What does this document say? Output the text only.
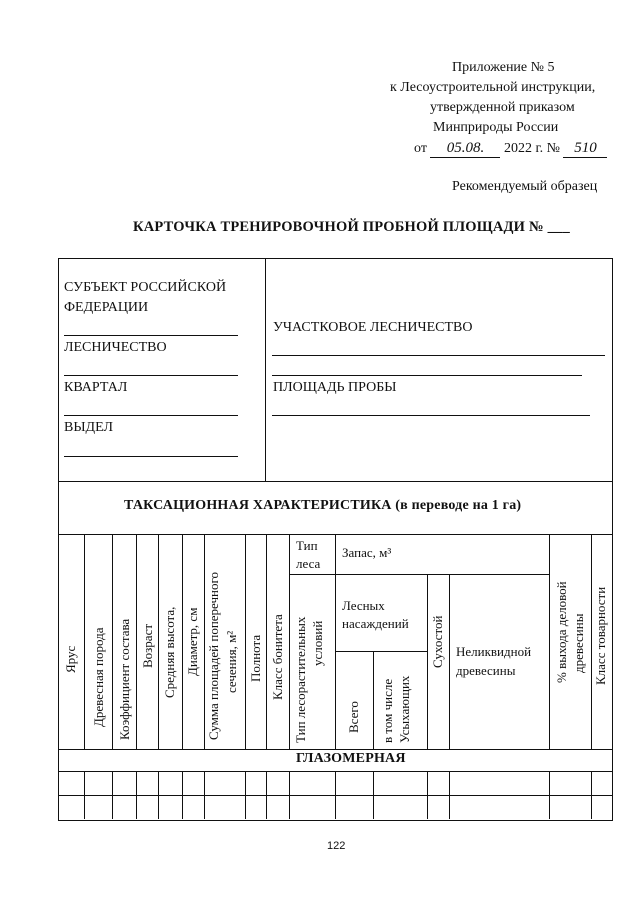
Приложение № 5
к Лесоустроительной инструкции,
утвержденной приказом
Минприроды России
от 05.08. 2022 г. № 510
Рекомендуемый образец
КАРТОЧКА ТРЕНИРОВОЧНОЙ ПРОБНОЙ ПЛОЩАДИ № ___
СУБЪЕКТ РОССИЙСКОЙ
ФЕДЕРАЦИИ
ЛЕСНИЧЕСТВО
КВАРТАЛ
ВЫДЕЛ
УЧАСТКОВОЕ ЛЕСНИЧЕСТВО
ПЛОЩАДЬ ПРОБЫ
ТАКСАЦИОННАЯ ХАРАКТЕРИСТИКА (в переводе на 1 га)
Ярус Древесная порода Коэффициент состава Возраст Средняя высота, Диаметр, см Сумма площадей поперечного сечения, м² Полнота Класс бонитета Тип лесорастительных условий
Всего в том числе Усыхающих
Сухостой	% выхода деловой древесины Класс товарности
Тип
леса
Запас, м³
Лесных
насаждений
Неликвидной
древесины
ГЛАЗОМЕРНАЯ
122
